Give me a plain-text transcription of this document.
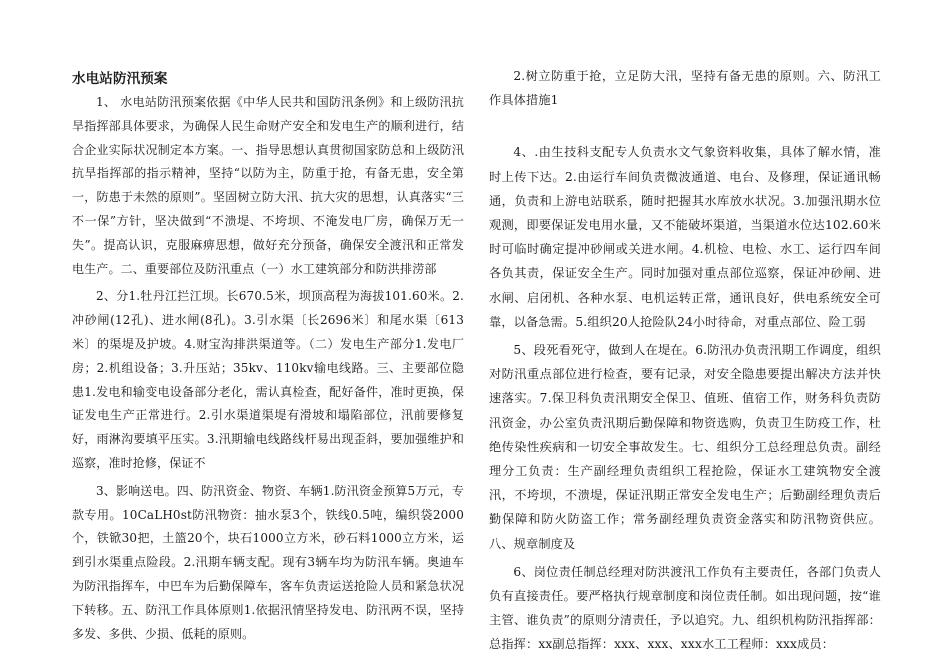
水电站防汛预案

1、 水电站防汛预案依据《中华人民共和国防汛条例》和上级防汛抗旱指挥部具体要求，为确保人民生命财产安全和发电生产的顺利进行，结合企业实际状况制定本方案。一、指导思想认真贯彻国家防总和上级防汛抗旱指挥部的指示精神，坚持“以防为主，防重于抢，有备无患，安全第一，防患于未然的原则”。坚固树立防大汛、抗大灾的思想，认真落实“三不一保”方针，坚决做到“不溃堤、不垮坝、不淹发电厂房，确保万无一失”。提高认识，克服麻痹思想，做好充分预备，确保安全渡汛和正常发电生产。二、重要部位及防汛重点（一）水工建筑部分和防洪排涝部

2、分1.牡丹江拦江坝。长670.5米，坝顶高程为海拔101.60米。2.冲砂闸(12孔)、进水闸(8孔)。3.引水渠〔长2696米〕和尾水渠〔613米〕的渠堤及护坡。4.财宝沟排洪渠道等。（二）发电生产部分1.发电厂房；2.机组设备；3.升压站；35kv、110kv输电线路。三、主要部位隐患1.发电和输变电设备部分老化，需认真检查，配好备件，准时更换，保证发电生产正常进行。2.引水渠道渠堤有滑坡和塌陷部位，汛前要修复好，雨淋沟要填平压实。3.汛期输电线路线杆易出现歪斜，要加强维护和巡察，准时抢修，保证不

3、影响送电。四、防汛资金、物资、车辆1.防汛资金预算5万元，专款专用。10CaLH0st防汛物资：抽水泵3个，铁线0.5吨，编织袋2000个，铁锨30把，土篮20个，块石1000立方米，砂石料1000立方米，运到引水渠重点险段。2.汛期车辆支配。现有3辆车均为防汛车辆。奥迪车为防汛指挥车，中巴车为后勤保障车，客车负责运送抢险人员和紧急状况下转移。五、防汛工作具体原则1.依据汛情坚持发电、防汛两不误，坚持多发、多供、少损、低耗的原则。

2.树立防重于抢，立足防大汛，坚持有备无患的原则。六、防汛工作具体措施1

4、.由生技科支配专人负责水文气象资料收集，具体了解水情，准时上传下达。2.由运行车间负责微波通道、电台、及修理，保证通讯畅通，负责和上游电站联系，随时把握其水库放水状况。3.加强汛期水位观测，即要保证发电用水量，又不能破坏渠道，当渠道水位达102.60米时可临时确定提冲砂闸或关进水闸。4.机检、电检、水工、运行四车间各负其责，保证安全生产。同时加强对重点部位巡察，保证冲砂闸、进水闸、启闭机、各种水泵、电机运转正常，通讯良好，供电系统安全可靠，以备急需。5.组织20人抢险队24小时待命，对重点部位、险工弱

5、段死看死守，做到人在堤在。6.防汛办负责汛期工作调度，组织对防汛重点部位进行检查，要有记录，对安全隐患要提出解决方法并快速落实。7.保卫科负责汛期安全保卫、值班、值宿工作，财务科负责防汛资金，办公室负责汛期后勤保障和物资选购，负责卫生防疫工作，杜绝传染性疾病和一切安全事故发生。七、组织分工总经理总负责。副经理分工负责：生产副经理负责组织工程抢险，保证水工建筑物安全渡汛，不垮坝，不溃堤，保证汛期正常安全发电生产；后勤副经理负责后勤保障和防火防盗工作；常务副经理负责资金落实和防汛物资供应。八、规章制度及

6、岗位责任制总经理对防洪渡汛工作负有主要责任，各部门负责人负有直接责任。要严格执行规章制度和岗位责任制。如出现问题，按“谁主管、谁负责”的原则分清责任，予以追究。九、组织机构防汛指挥部：总指挥：xx副总指挥：xxx、xxx、xxx水工工程师：xxx成员：
